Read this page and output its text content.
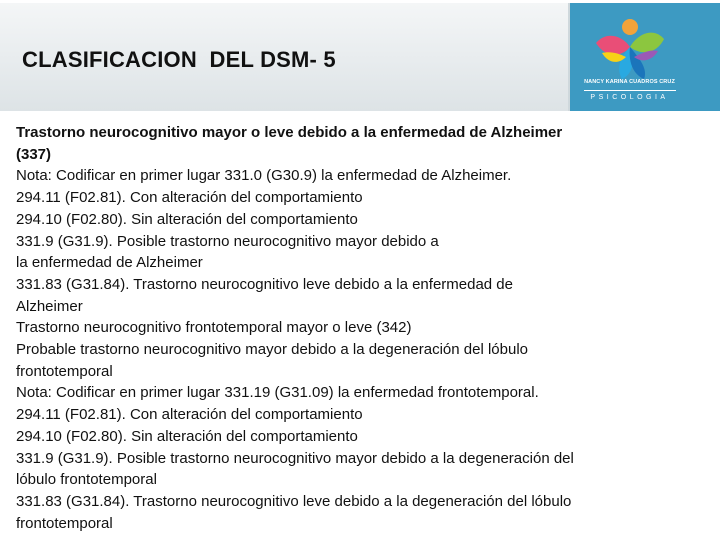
CLASIFICACION  DEL DSM- 5
NANCY KARINA CUADROS CRUZ
PSICOLOGIA
Trastorno neurocognitivo mayor o leve debido a la enfermedad de Alzheimer
(337)
Nota: Codificar en primer lugar 331.0 (G30.9) la enfermedad de Alzheimer.
294.11 (F02.81). Con alteración del comportamiento
294.10 (F02.80). Sin alteración del comportamiento
331.9 (G31.9). Posible trastorno neurocognitivo mayor debido a
la enfermedad de Alzheimer
331.83 (G31.84). Trastorno neurocognitivo leve debido a la enfermedad de
Alzheimer
Trastorno neurocognitivo frontotemporal mayor o leve (342)
Probable trastorno neurocognitivo mayor debido a la degeneración del lóbulo
frontotemporal
Nota: Codificar en primer lugar 331.19 (G31.09) la enfermedad frontotemporal.
294.11 (F02.81). Con alteración del comportamiento
294.10 (F02.80). Sin alteración del comportamiento
331.9 (G31.9). Posible trastorno neurocognitivo mayor debido a la degeneración del
lóbulo frontotemporal
331.83 (G31.84). Trastorno neurocognitivo leve debido a la degeneración del lóbulo
frontotemporal
